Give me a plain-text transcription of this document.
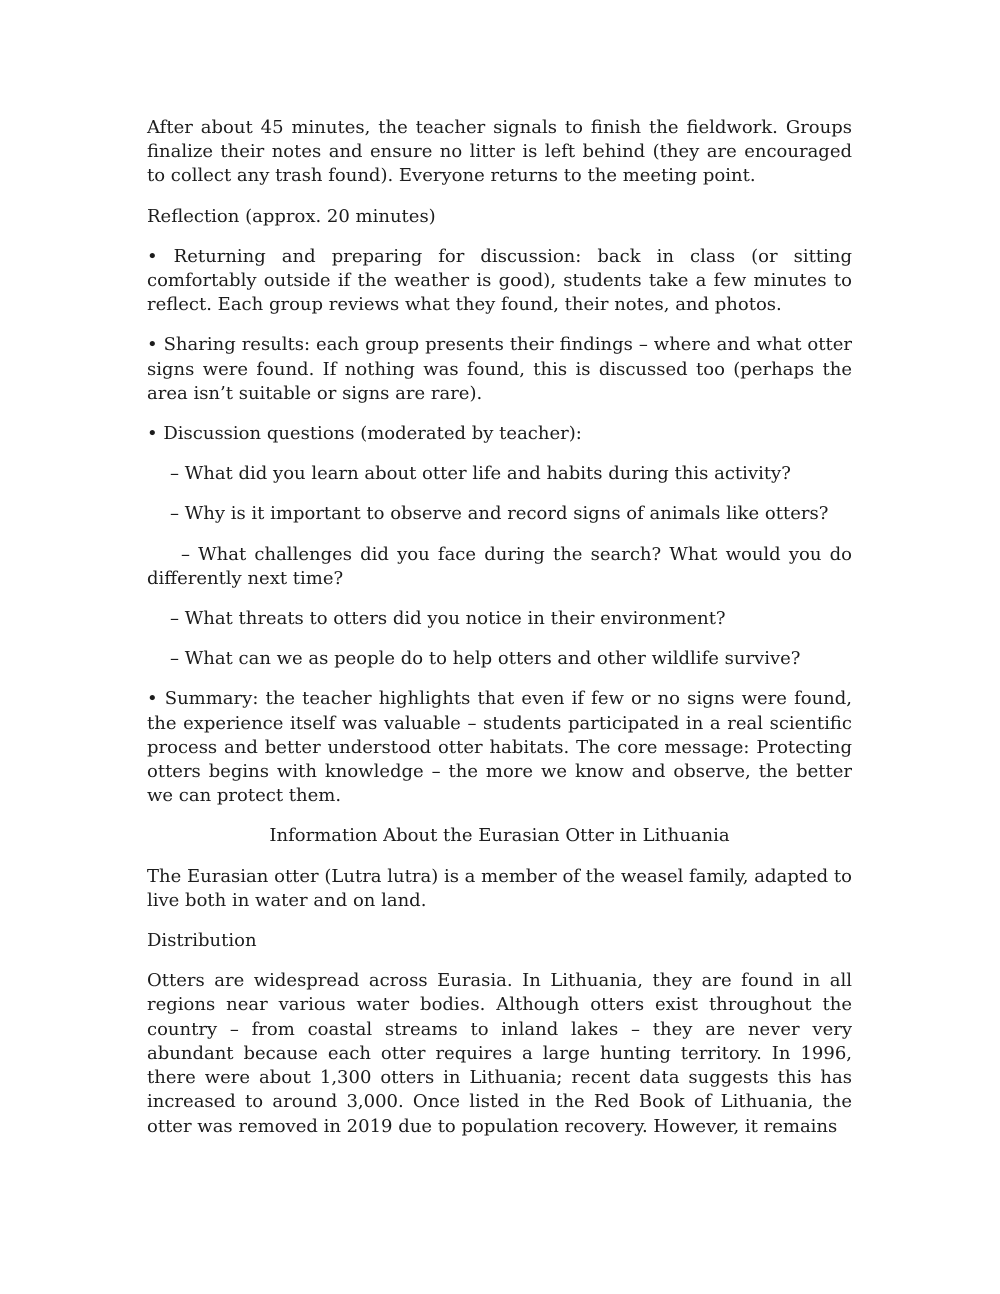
After about 45 minutes, the teacher signals to finish the fieldwork. Groups finalize their notes and ensure no litter is left behind (they are encouraged to collect any trash found). Everyone returns to the meeting point.

Reflection (approx. 20 minutes)

• Returning and preparing for discussion: back in class (or sitting comfortably outside if the weather is good), students take a few minutes to reflect. Each group reviews what they found, their notes, and photos.

• Sharing results: each group presents their findings – where and what otter signs were found. If nothing was found, this is discussed too (perhaps the area isn’t suitable or signs are rare).

• Discussion questions (moderated by teacher):

– What did you learn about otter life and habits during this activity?

– Why is it important to observe and record signs of animals like otters?

– What challenges did you face during the search? What would you do differently next time?

– What threats to otters did you notice in their environment?

– What can we as people do to help otters and other wildlife survive?

• Summary: the teacher highlights that even if few or no signs were found, the experience itself was valuable – students participated in a real scientific process and better understood otter habitats. The core message: Protecting otters begins with knowledge – the more we know and observe, the better we can protect them.

Information About the Eurasian Otter in Lithuania

The Eurasian otter (Lutra lutra) is a member of the weasel family, adapted to live both in water and on land.

Distribution

Otters are widespread across Eurasia. In Lithuania, they are found in all regions near various water bodies. Although otters exist throughout the country – from coastal streams to inland lakes – they are never very abundant because each otter requires a large hunting territory. In 1996, there were about 1,300 otters in Lithuania; recent data suggests this has increased to around 3,000. Once listed in the Red Book of Lithuania, the otter was removed in 2019 due to population recovery. However, it remains
